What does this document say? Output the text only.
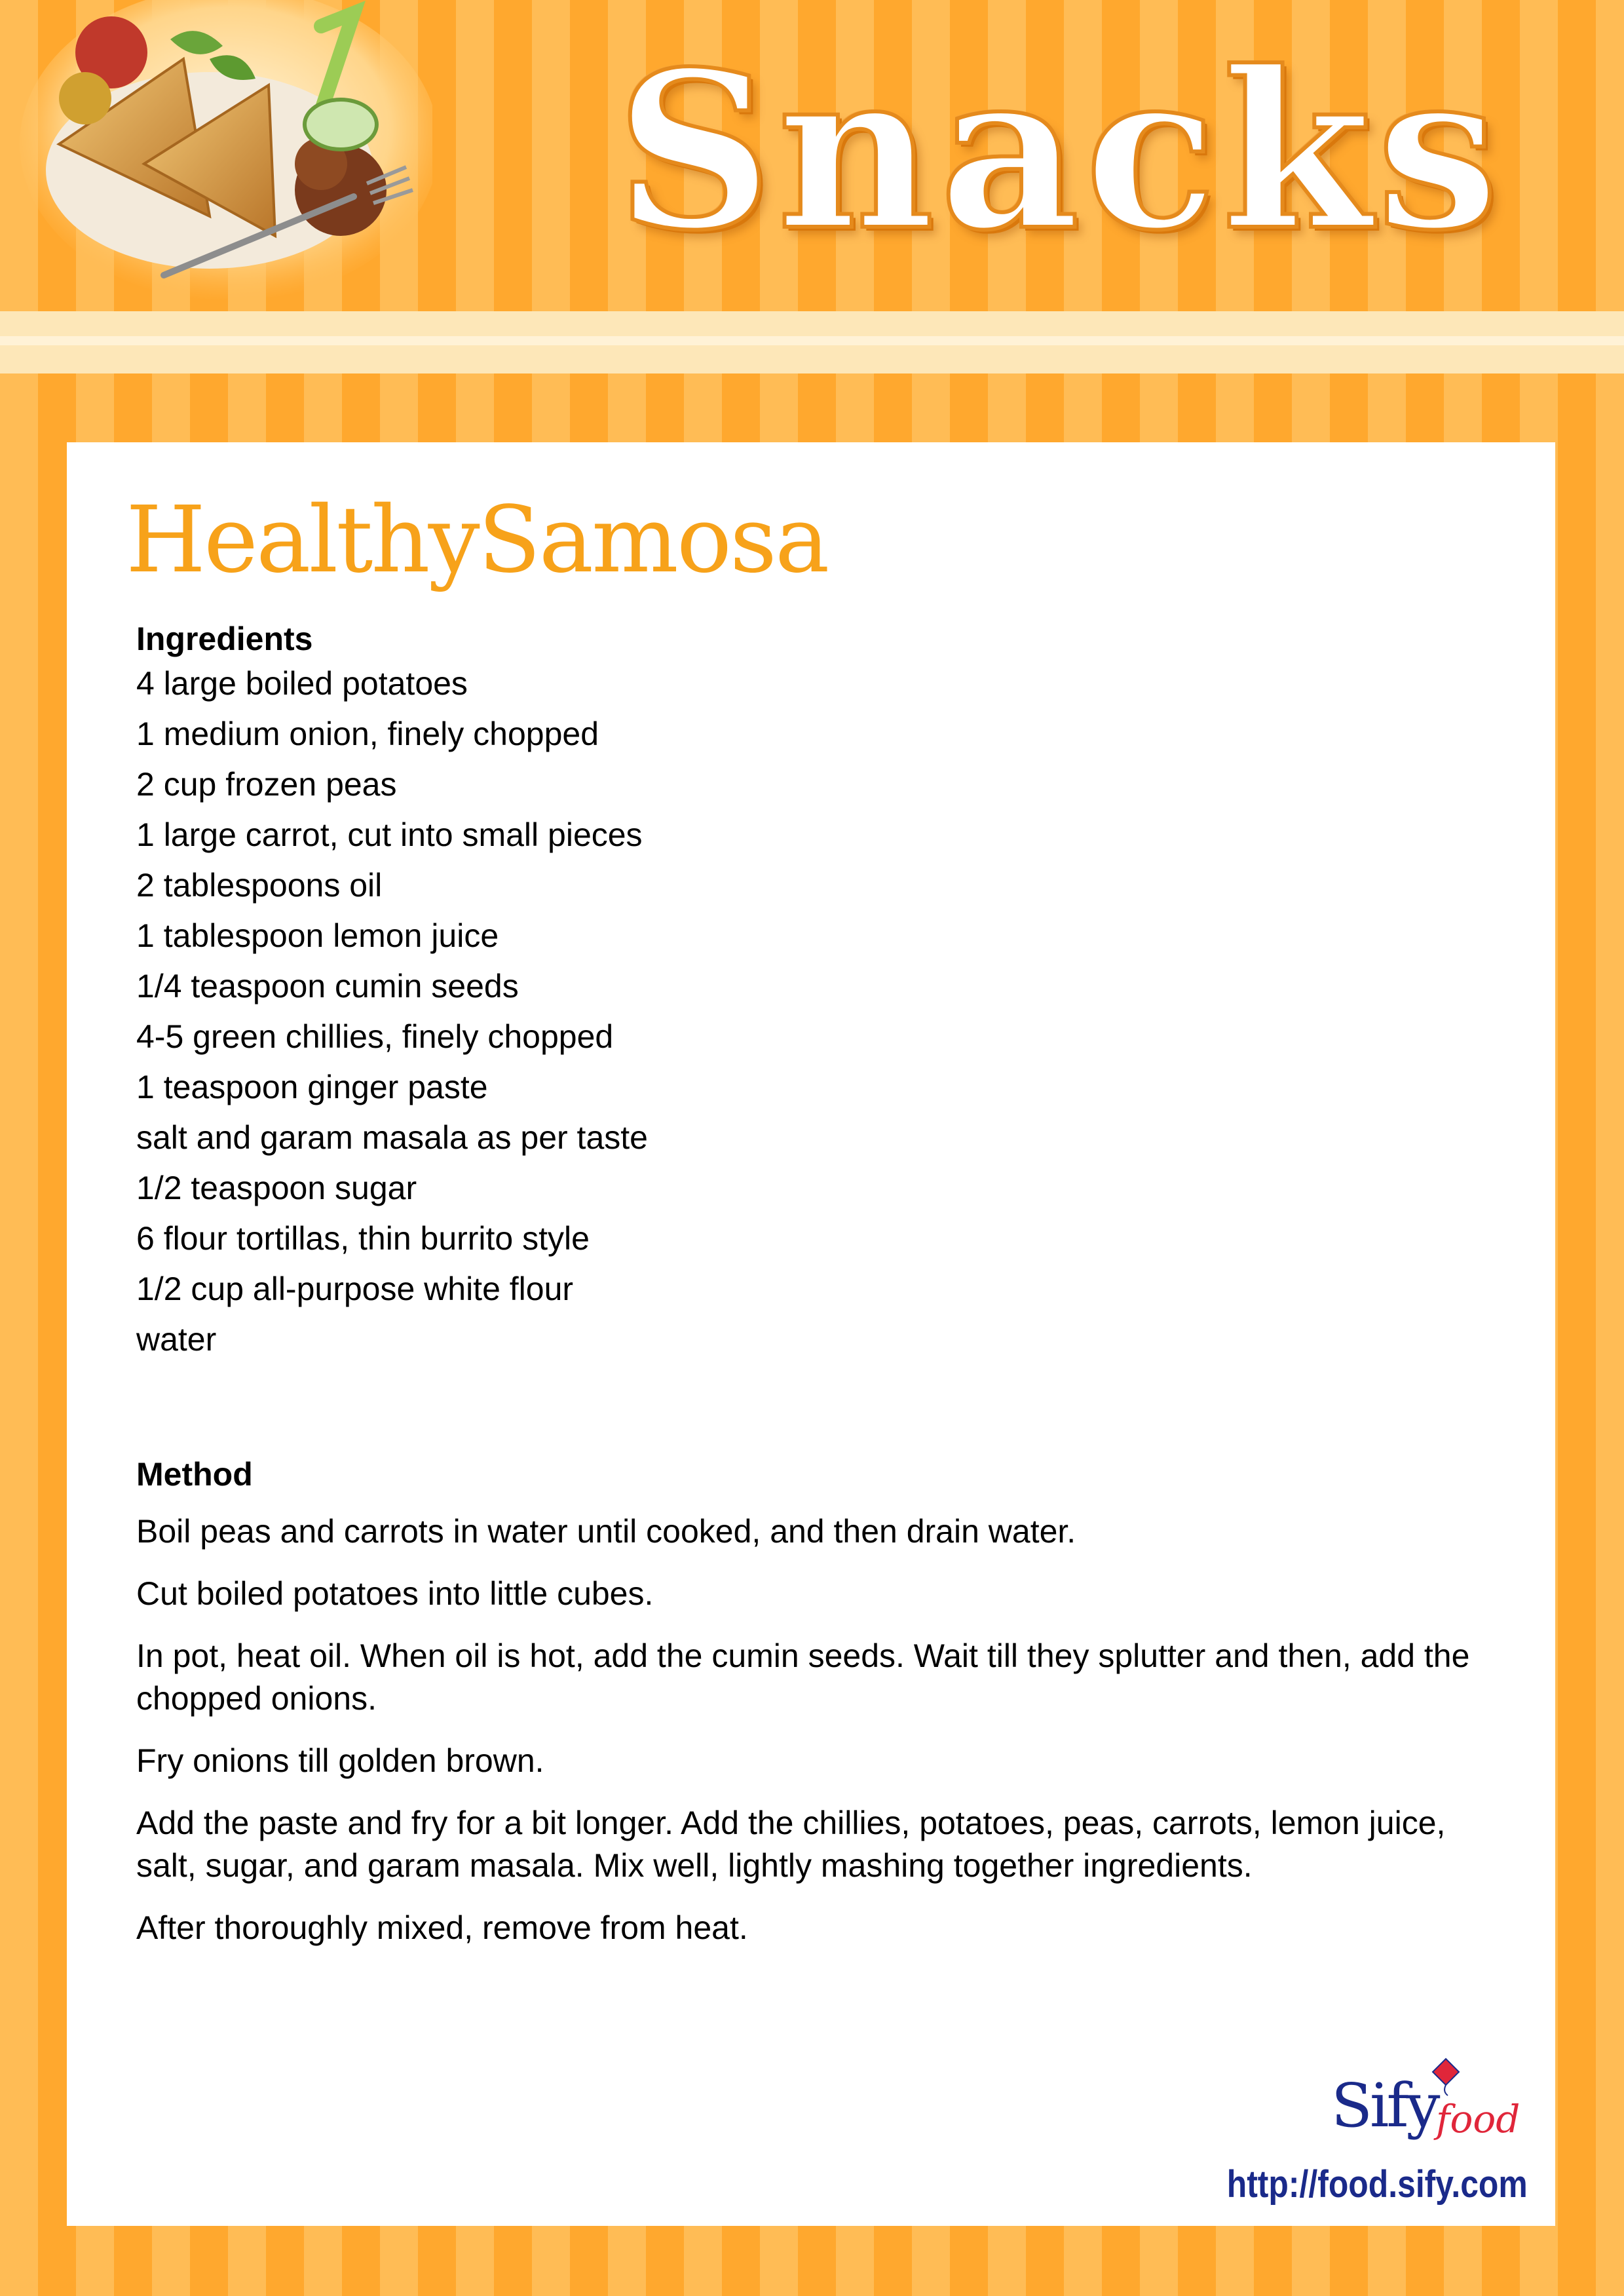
Snacks
HealthySamosa
Ingredients
4 large boiled potatoes
1 medium onion, finely chopped
2 cup frozen peas
1 large carrot, cut into small pieces
2 tablespoons oil
1 tablespoon lemon juice
1/4 teaspoon cumin seeds
4-5 green chillies, finely chopped
1 teaspoon ginger paste
salt and garam masala as per taste
1/2 teaspoon sugar
6 flour tortillas, thin burrito style
1/2 cup all-purpose white flour
water
Method
Boil peas and carrots in water until cooked, and then drain water.
Cut boiled potatoes into little cubes.
In pot, heat oil. When oil is hot, add the cumin seeds. Wait till they splutter and then, add the chopped onions.
Fry onions till golden brown.
Add the paste and fry for a bit longer. Add the chillies, potatoes, peas, carrots, lemon juice, salt, sugar, and garam masala. Mix well, lightly mashing together ingredients.
After thoroughly mixed, remove from heat.
Sify
food
http://food.sify.com
